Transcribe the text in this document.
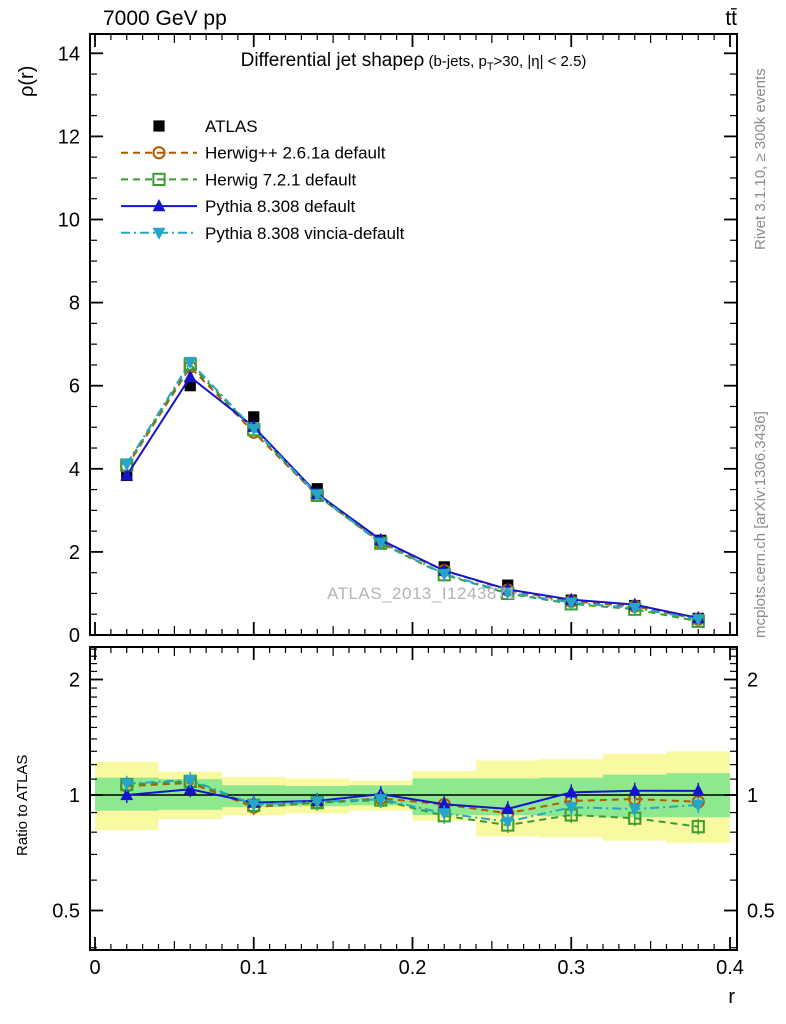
0
2
4
6
8
10
12
14
0.5	0.5
1	1
2	2
0	0.1	0.2	0.3	0.4
r
ATLAS
Herwig++ 2.6.1a default
Herwig 7.2.1 default
Pythia 8.308 default
Pythia 8.308 vincia-default
7000 GeV pp	tt̄
Differential jet shapeρ (b-jets, $p_T>30$, |η| < 2.5)
ρ(r)
Ratio to ATLAS
Rivet 3.1.10, ≥ 300k events
mcplots.cern.ch [arXiv:1306.3436]
ATLAS_2013_I1243871
